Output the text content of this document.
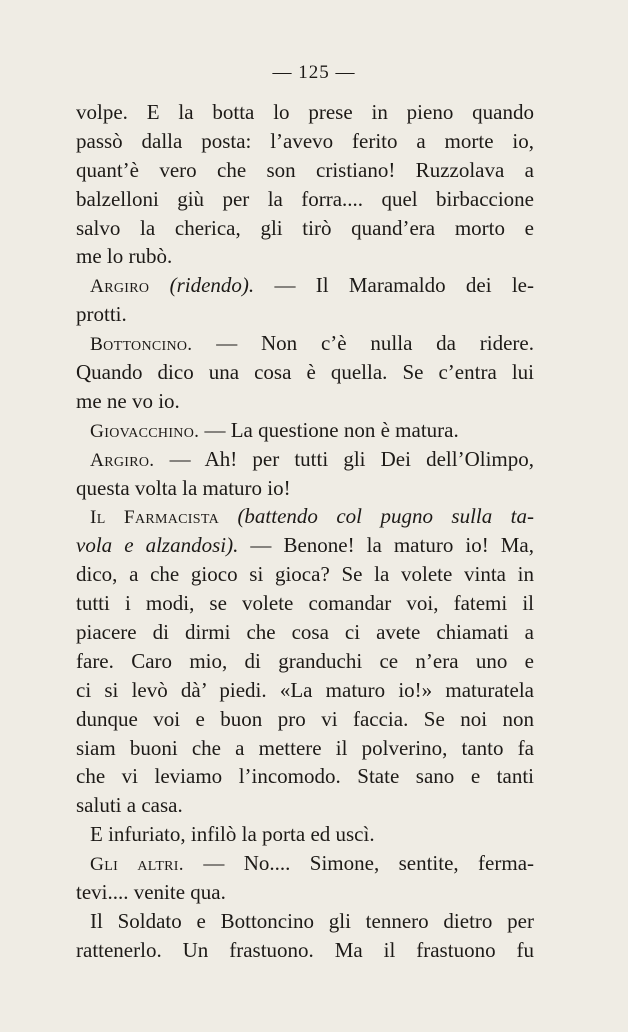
— 125 —
volpe. E la botta lo prese in pieno quando
passò dalla posta: l’avevo ferito a morte io,
quant’è vero che son cristiano! Ruzzolava a
balzelloni giù per la forra.... quel birbaccione
salvo la cherica, gli tirò quand’era morto e
me lo rubò.
Argiro (ridendo). — Il Maramaldo dei le-
protti.
Bottoncino. — Non c’è nulla da ridere.
Quando dico una cosa è quella. Se c’entra lui
me ne vo io.
Giovacchino. — La questione non è matura.
Argiro. — Ah! per tutti gli Dei dell’Olimpo,
questa volta la maturo io!
Il Farmacista (battendo col pugno sulla ta-
vola e alzandosi). — Benone! la maturo io! Ma,
dico, a che gioco si gioca? Se la volete vinta in
tutti i modi, se volete comandar voi, fatemi il
piacere di dirmi che cosa ci avete chiamati a
fare. Caro mio, di granduchi ce n’era uno e
ci si levò dà’ piedi. «La maturo io!» maturatela
dunque voi e buon pro vi faccia. Se noi non
siam buoni che a mettere il polverino, tanto fa
che vi leviamo l’incomodo. State sano e tanti
saluti a casa.
E infuriato, infilò la porta ed uscì.
Gli altri. — No.... Simone, sentite, ferma-
tevi.... venite qua.
Il Soldato e Bottoncino gli tennero dietro per
rattenerlo. Un frastuono. Ma il frastuono fu
